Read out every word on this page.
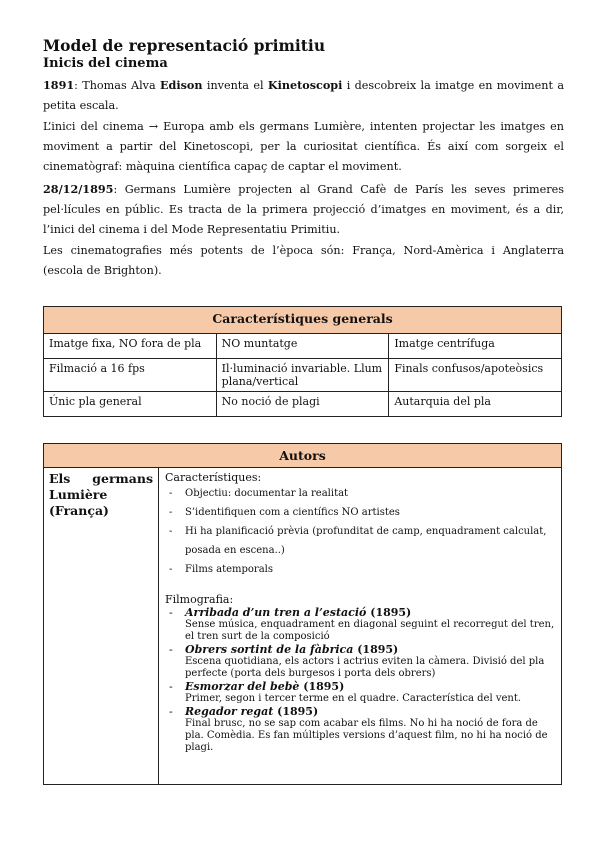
Model de representació primitiu
Inicis del cinema
1891: Thomas Alva Edison inventa el Kinetoscopi i descobreix la imatge en moviment a petita escala.
L’inici del cinema → Europa amb els germans Lumière, intenten projectar les imatges en moviment a partir del Kinetoscopi, per la curiositat científica. És així com sorgeix el cinematògraf: màquina científica capaç de captar el moviment.
28/12/1895: Germans Lumière projecten al Grand Cafè de París les seves primeres pel·lícules en públic. Es tracta de la primera projecció d’imatges en moviment, és a dir, l’inici del cinema i del Mode Representatiu Primitiu.
Les cinematografies més potents de l’època són: França, Nord-Amèrica i Anglaterra (escola de Brighton).
Característiques generals		
Imatge fixa, NO fora de pla	NO muntatge	Imatge centrífuga
Filmació a 16 fps	Il·luminació invariable. Llum plana/vertical	Finals confusos/apoteòsics
Únic pla general	No noció de plagi	Autarquia del pla
Autors

Els germans
Lumière
(França)

Característiques:
- Objectiu: documentar la realitat
- S’identifiquen com a científics NO artistes
- Hi ha planificació prèvia (profunditat de camp, enquadrament calculat, posada en escena..)
- Films atemporals
Filmografia:
- Arribada d’un tren a l’estació (1895)
Sense música, enquadrament en diagonal seguint el recorregut del tren, el tren surt de la composició
- Obrers sortint de la fàbrica (1895)
Escena quotidiana, els actors i actrius eviten la càmera. Divisió del pla perfecte (porta dels burgesos i porta dels obrers)
- Esmorzar del bebè (1895)
Primer, segon i tercer terme en el quadre. Característica del vent.
- Regador regat (1895)
Final brusc, no se sap com acabar els films. No hi ha noció de fora de pla. Comèdia. Es fan múltiples versions d’aquest film, no hi ha noció de plagi.
